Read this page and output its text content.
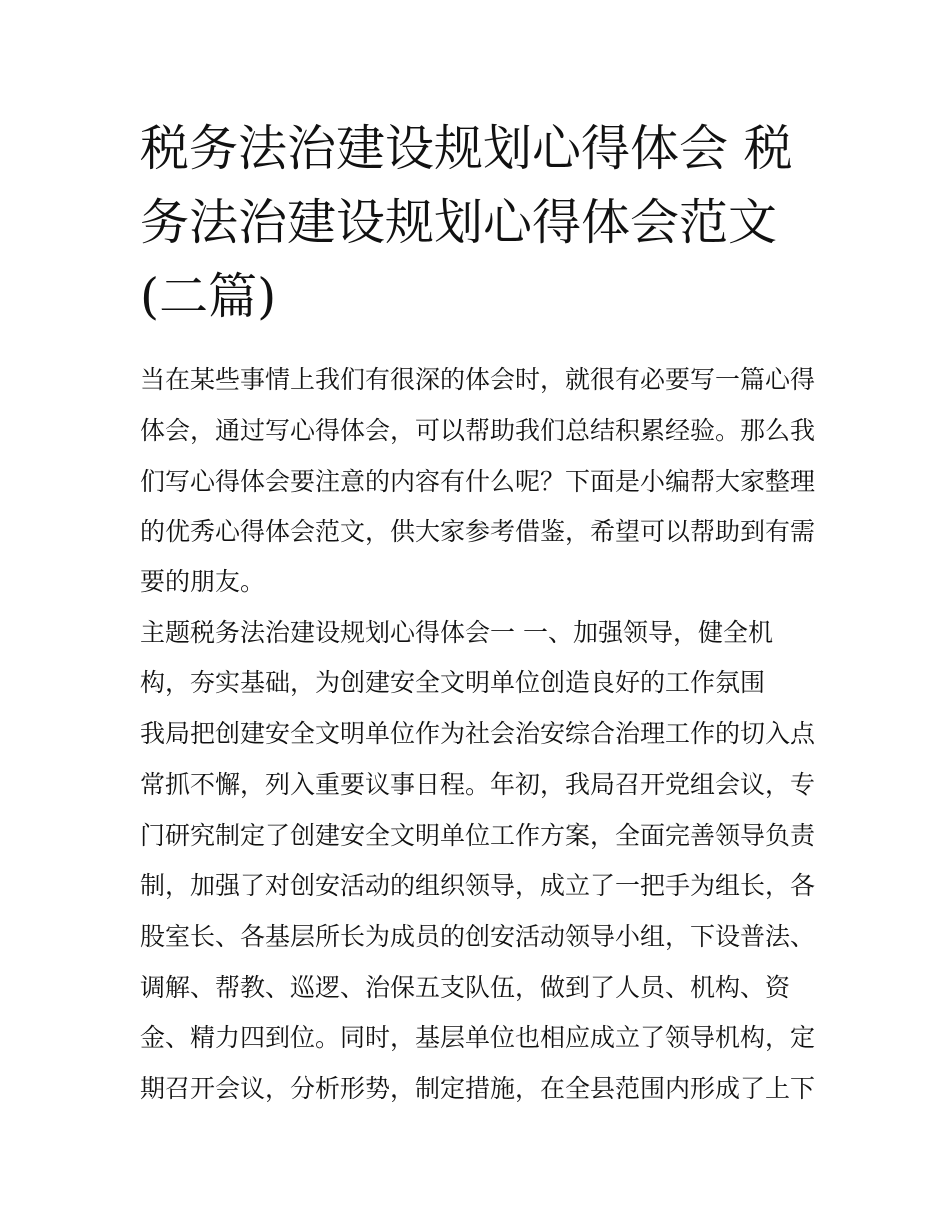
税务法治建设规划心得体会 税
务法治建设规划心得体会范文
(二篇)

当在某些事情上我们有很深的体会时，就很有必要写一篇心得

体会，通过写心得体会，可以帮助我们总结积累经验。那么我

们写心得体会要注意的内容有什么呢？下面是小编帮大家整理

的优秀心得体会范文，供大家参考借鉴，希望可以帮助到有需

要的朋友。

主题税务法治建设规划心得体会一 一、加强领导，健全机

构，夯实基础，为创建安全文明单位创造良好的工作氛围

我局把创建安全文明单位作为社会治安综合治理工作的切入点

常抓不懈，列入重要议事日程。年初，我局召开党组会议，专

门研究制定了创建安全文明单位工作方案，全面完善领导负责

制，加强了对创安活动的组织领导，成立了一把手为组长，各

股室长、各基层所长为成员的创安活动领导小组，下设普法、

调解、帮教、巡逻、治保五支队伍，做到了人员、机构、资

金、精力四到位。同时，基层单位也相应成立了领导机构，定

期召开会议，分析形势，制定措施，在全县范围内形成了上下
